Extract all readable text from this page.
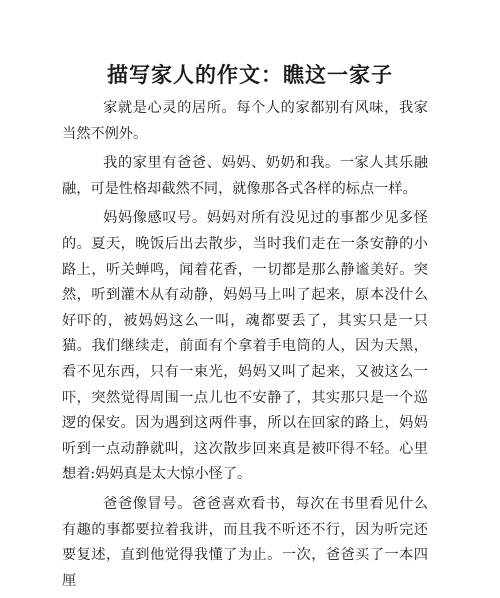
描写家人的作文：瞧这一家子

家就是心灵的居所。每个人的家都别有风味，我家当然不例外。

我的家里有爸爸、妈妈、奶奶和我。一家人其乐融融，可是性格却截然不同，就像那各式各样的标点一样。

妈妈像感叹号。妈妈对所有没见过的事都少见多怪的。夏天，晚饭后出去散步，当时我们走在一条安静的小路上，听关蝉鸣，闻着花香，一切都是那么静谧美好。突然，听到灌木从有动静，妈妈马上叫了起来，原本没什么好吓的，被妈妈这么一叫，魂都要丢了，其实只是一只猫。我们继续走，前面有个拿着手电筒的人，因为天黑，看不见东西，只有一束光，妈妈又叫了起来，又被这么一吓，突然觉得周围一点儿也不安静了，其实那只是一个巡逻的保安。因为遇到这两件事，所以在回家的路上，妈妈听到一点动静就叫，这次散步回来真是被吓得不轻。心里想着:妈妈真是太大惊小怪了。

爸爸像冒号。爸爸喜欢看书，每次在书里看见什么有趣的事都要拉着我讲，而且我不听还不行，因为听完还要复述，直到他觉得我懂了为止。一次，爸爸买了一本四厘
